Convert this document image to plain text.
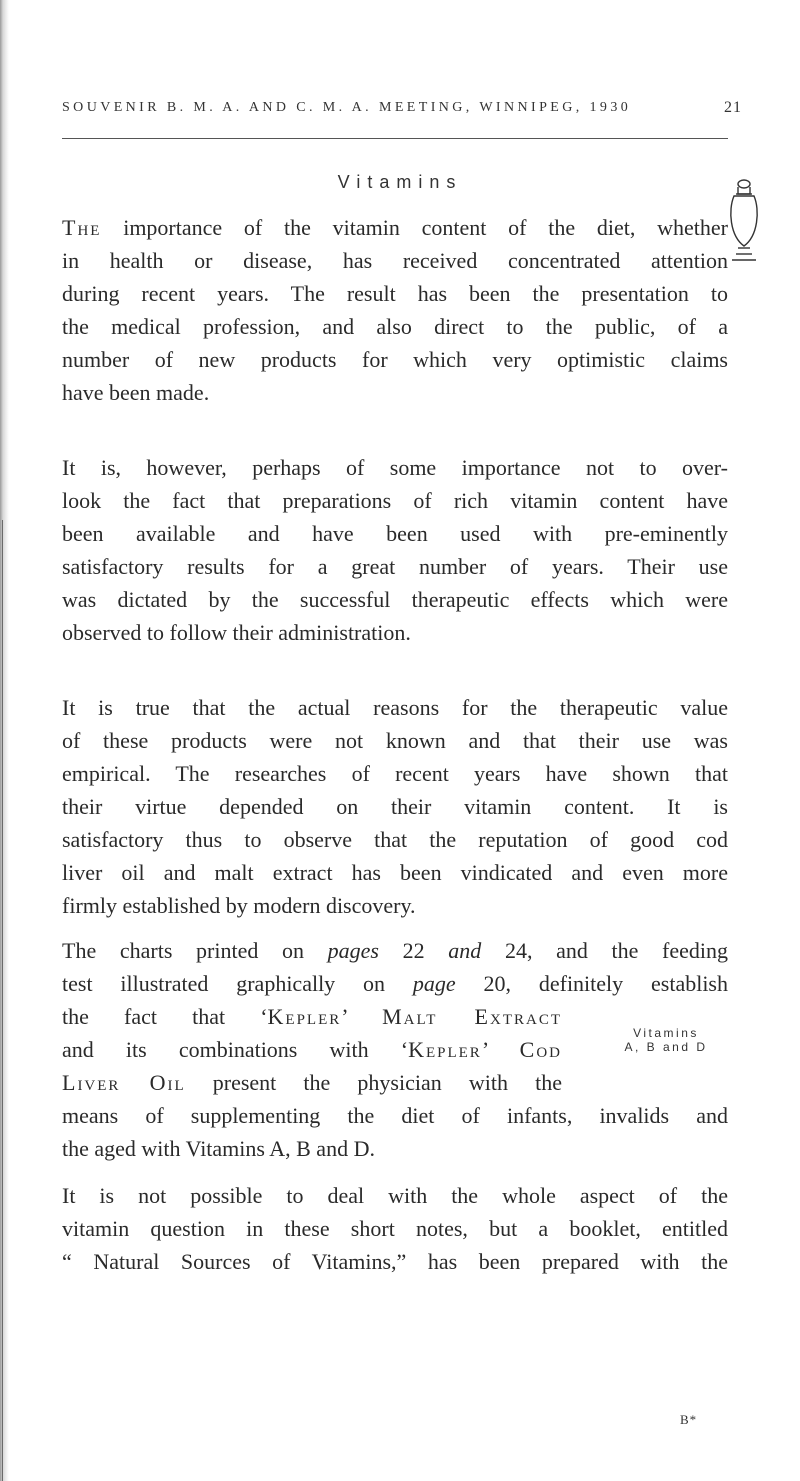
SOUVENIR B. M. A. AND C. M. A. MEETING, WINNIPEG, 1930	21
Vitamins

The importance of the vitamin content of the diet, whether
in health or disease, has received concentrated attention
during recent years. The result has been the presentation to
the medical profession, and also direct to the public, of a
number of new products for which very optimistic claims
have been made.

It is, however, perhaps of some importance not to over-
look the fact that preparations of rich vitamin content have
been available and have been used with pre-eminently
satisfactory results for a great number of years. Their use
was dictated by the successful therapeutic effects which were
observed to follow their administration.

It is true that the actual reasons for the therapeutic value
of these products were not known and that their use was
empirical. The researches of recent years have shown that
their virtue depended on their vitamin content. It is
satisfactory thus to observe that the reputation of good cod
liver oil and malt extract has been vindicated and even more
firmly established by modern discovery.

The charts printed on pages 22 and 24, and the feeding
test illustrated graphically on page 20, definitely establish
the fact that ‘Kepler’ Malt Extract
and its combinations with ‘Kepler’ Cod
Liver Oil present the physician with the
means of supplementing the diet of infants, invalids and
the aged with Vitamins A, B and D.

Vitamins
A, B and D

It is not possible to deal with the whole aspect of the
vitamin question in these short notes, but a booklet, entitled
“ Natural Sources of Vitamins,” has been prepared with the

B*
